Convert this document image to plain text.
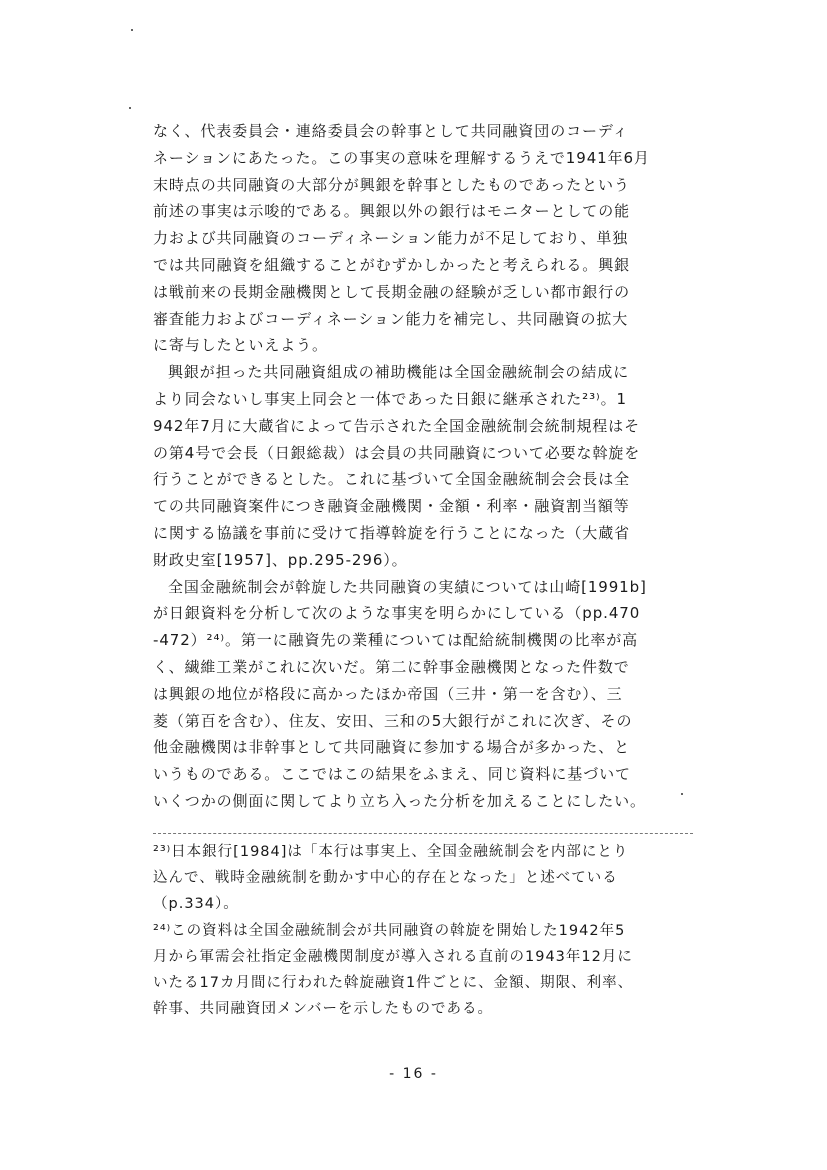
なく、代表委員会・連絡委員会の幹事として共同融資団のコーディ
ネーションにあたった。この事実の意味を理解するうえで1941年6月
末時点の共同融資の大部分が興銀を幹事としたものであったという
前述の事実は示唆的である。興銀以外の銀行はモニターとしての能
力および共同融資のコーディネーション能力が不足しており、単独
では共同融資を組織することがむずかしかったと考えられる。興銀
は戦前来の長期金融機関として長期金融の経験が乏しい都市銀行の
審査能力およびコーディネーション能力を補完し、共同融資の拡大
に寄与したといえよう。
興銀が担った共同融資組成の補助機能は全国金融統制会の結成に
より同会ないし事実上同会と一体であった日銀に継承された²³⁾。1
942年7月に大蔵省によって告示された全国金融統制会統制規程はそ
の第4号で会長（日銀総裁）は会員の共同融資について必要な斡旋を
行うことができるとした。これに基づいて全国金融統制会会長は全
ての共同融資案件につき融資金融機関・金額・利率・融資割当額等
に関する協議を事前に受けて指導斡旋を行うことになった（大蔵省
財政史室[1957]、pp.295-296）。
全国金融統制会が斡旋した共同融資の実績については山崎[1991b]
が日銀資料を分析して次のような事実を明らかにしている（pp.470
-472）²⁴⁾。第一に融資先の業種については配給統制機関の比率が高
く、繊維工業がこれに次いだ。第二に幹事金融機関となった件数で
は興銀の地位が格段に高かったほか帝国（三井・第一を含む）、三
菱（第百を含む）、住友、安田、三和の5大銀行がこれに次ぎ、その
他金融機関は非幹事として共同融資に参加する場合が多かった、と
いうものである。ここではこの結果をふまえ、同じ資料に基づいて
いくつかの側面に関してより立ち入った分析を加えることにしたい。
²³⁾日本銀行[1984]は「本行は事実上、全国金融統制会を内部にとり
込んで、戦時金融統制を動かす中心的存在となった」と述べている
（p.334）。
²⁴⁾この資料は全国金融統制会が共同融資の斡旋を開始した1942年5
月から軍需会社指定金融機関制度が導入される直前の1943年12月に
いたる17カ月間に行われた斡旋融資1件ごとに、金額、期限、利率、
幹事、共同融資団メンバーを示したものである。
- 16 -
